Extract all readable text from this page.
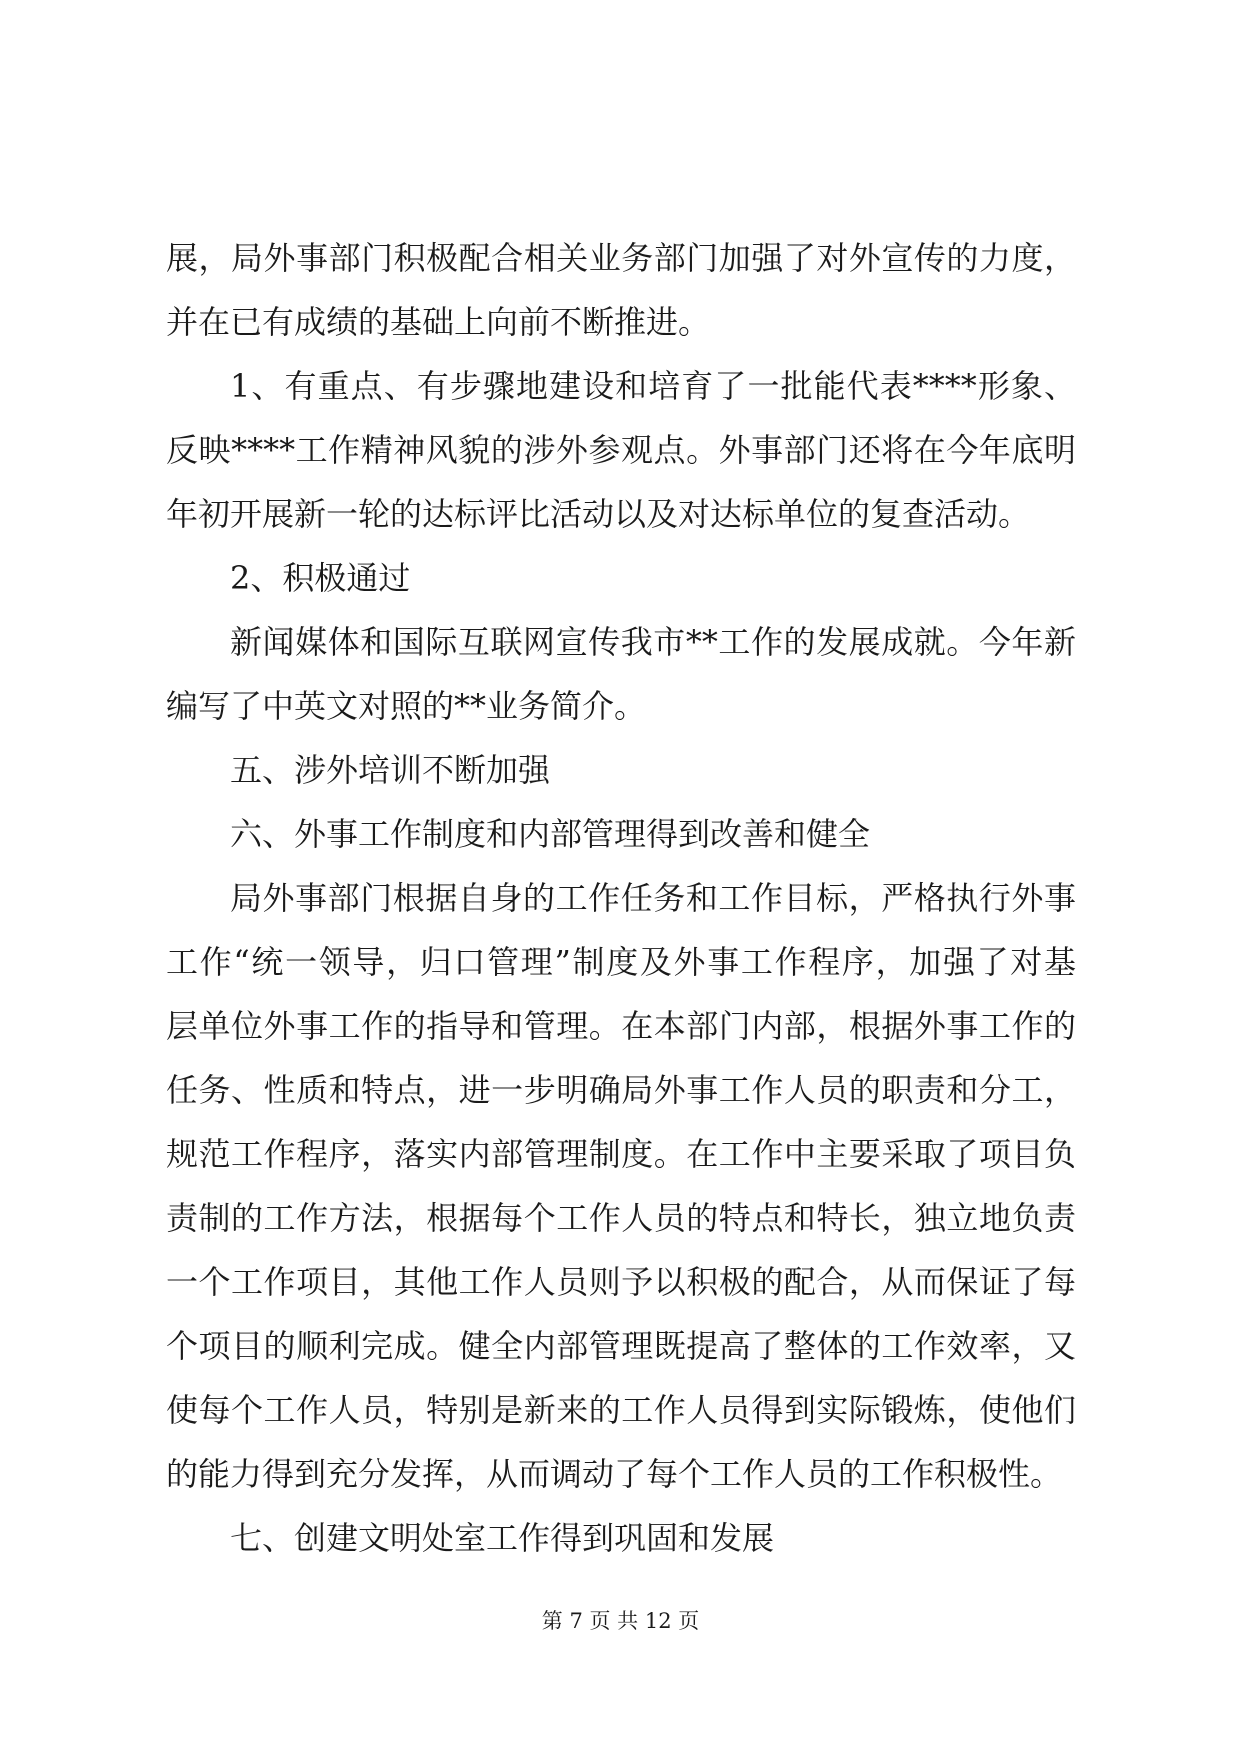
展，局外事部门积极配合相关业务部门加强了对外宣传的力度，
并在已有成绩的基础上向前不断推进。
1、有重点、有步骤地建设和培育了一批能代表****形象、
反映****工作精神风貌的涉外参观点。外事部门还将在今年底明
年初开展新一轮的达标评比活动以及对达标单位的复查活动。
2、积极通过
新闻媒体和国际互联网宣传我市**工作的发展成就。今年新
编写了中英文对照的**业务简介。
五、涉外培训不断加强
六、外事工作制度和内部管理得到改善和健全
局外事部门根据自身的工作任务和工作目标，严格执行外事
工作“统一领导，归口管理”制度及外事工作程序，加强了对基
层单位外事工作的指导和管理。在本部门内部，根据外事工作的
任务、性质和特点，进一步明确局外事工作人员的职责和分工，
规范工作程序，落实内部管理制度。在工作中主要采取了项目负
责制的工作方法，根据每个工作人员的特点和特长，独立地负责
一个工作项目，其他工作人员则予以积极的配合，从而保证了每
个项目的顺利完成。健全内部管理既提高了整体的工作效率，又
使每个工作人员，特别是新来的工作人员得到实际锻炼，使他们
的能力得到充分发挥，从而调动了每个工作人员的工作积极性。
七、创建文明处室工作得到巩固和发展
第 7 页 共 12 页
